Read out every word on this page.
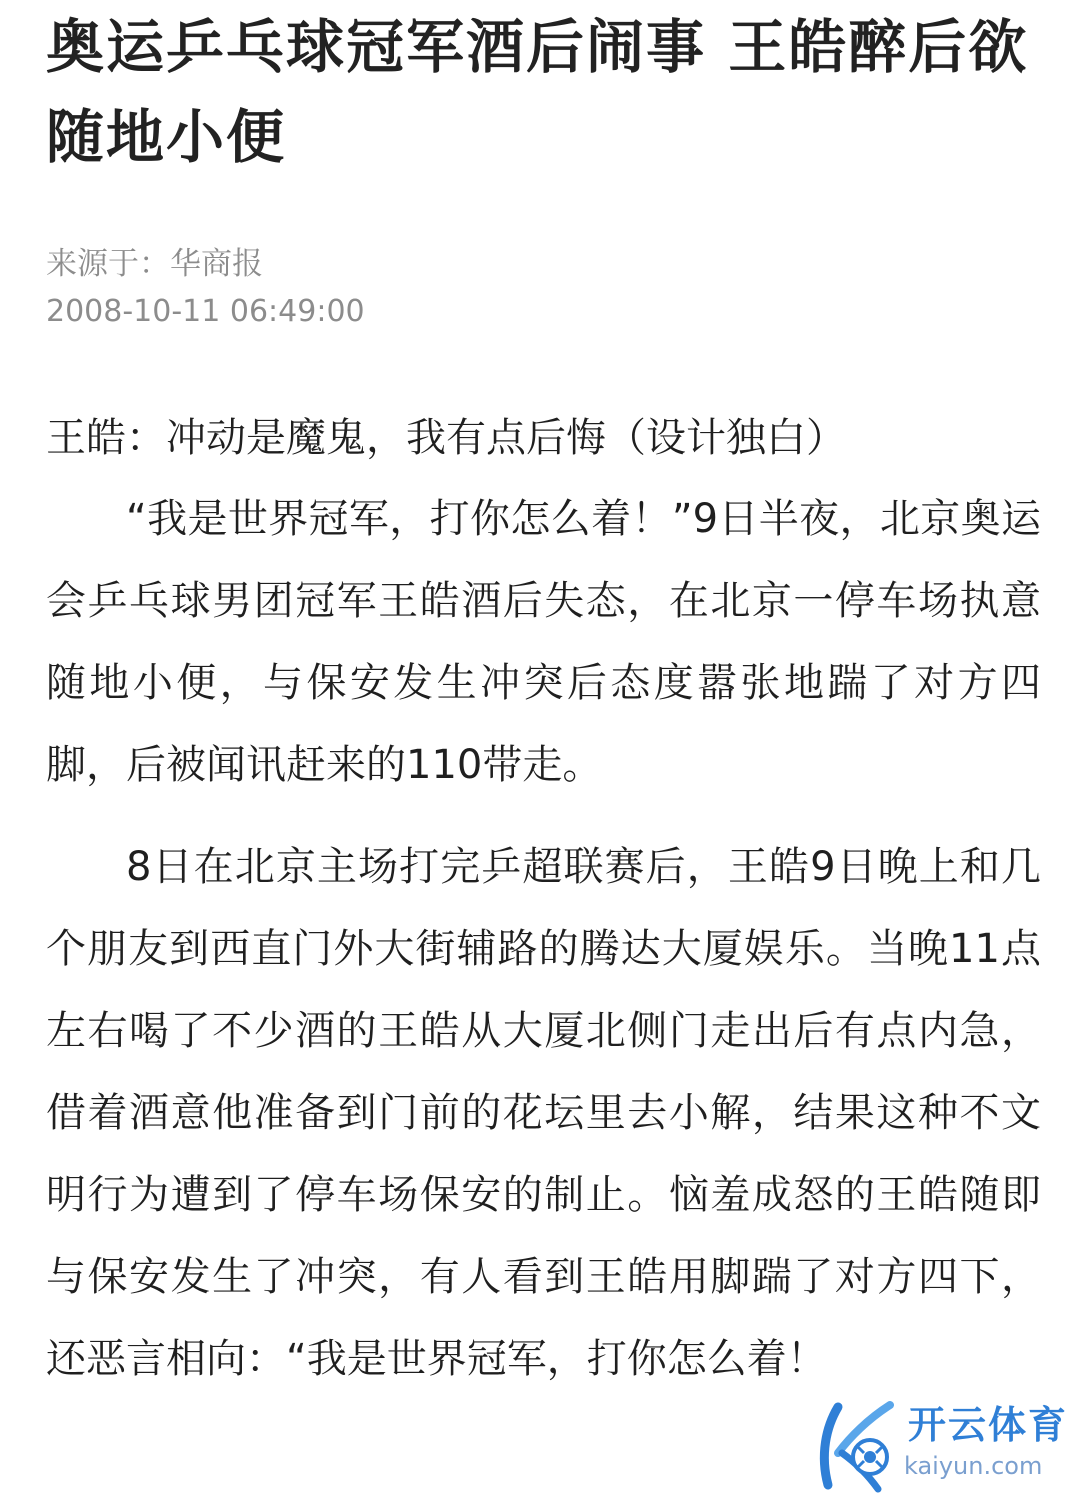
奥运乒乓球冠军酒后闹事 王皓醉后欲随地小便
来源于：华商报
2008-10-11 06:49:00

王皓：冲动是魔鬼，我有点后悔（设计独白）

“我是世界冠军，打你怎么着！”9日半夜，北京奥运会乒乓球男团冠军王皓酒后失态，在北京一停车场执意随地小便，与保安发生冲突后态度嚣张地踹了对方四脚，后被闻讯赶来的110带走。

8日在北京主场打完乒超联赛后，王皓9日晚上和几个朋友到西直门外大街辅路的腾达大厦娱乐。当晚11点左右喝了不少酒的王皓从大厦北侧门走出后有点内急，借着酒意他准备到门前的花坛里去小解，结果这种不文明行为遭到了停车场保安的制止。恼羞成怒的王皓随即与保安发生了冲突，有人看到王皓用脚踹了对方四下，还恶言相向：“我是世界冠军，打你怎么着！

开云体育
kaiyun.com
